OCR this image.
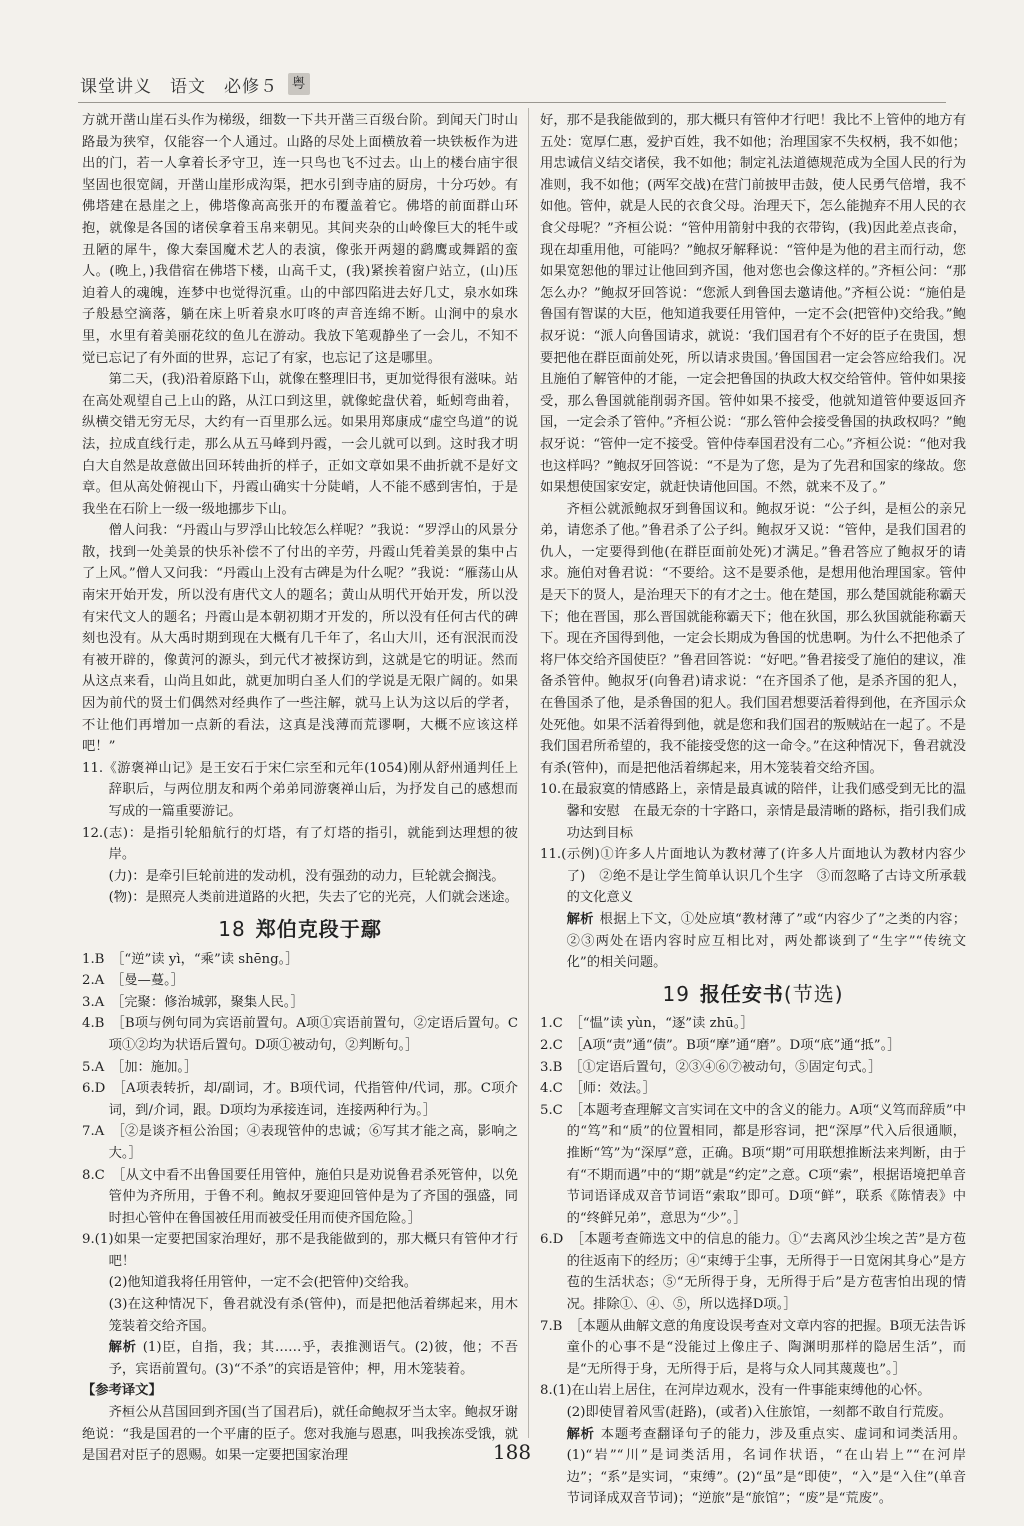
课堂讲义　语文　必修５ 粤

方就开凿山崖石头作为梯级，细数一下共开凿三百级台阶。到闻天门时山路最为狭窄，仅能容一个人通过。山路的尽处上面横放着一块铁板作为进出的门，若一人拿着长矛守卫，连一只鸟也飞不过去。山上的楼台庙宇很坚固也很宽阔，开凿山崖形成沟渠，把水引到寺庙的厨房，十分巧妙。有佛塔建在悬崖之上，佛塔像高高张开的布覆盖着它。佛塔的前面群山环抱，就像是各国的诸侯拿着玉帛来朝见。其间夹杂的山岭像巨大的牦牛或丑陋的犀牛，像大秦国魔术艺人的表演，像张开两翅的鹞鹰或舞蹈的蛮人。(晚上，)我借宿在佛塔下楼，山高千丈，(我)紧挨着窗户站立，(山)压迫着人的魂魄，连梦中也觉得沉重。山的中部四陷进去好几丈，泉水如珠子般悬空滴落，躺在床上听着泉水叮咚的声音连绵不断。山涧中的泉水里，水里有着美丽花纹的鱼儿在游动。我放下笔观静坐了一会儿，不知不觉已忘记了有外面的世界，忘记了有家，也忘记了这是哪里。

第二天，(我)沿着原路下山，就像在整理旧书，更加觉得很有滋味。站在高处观望自己上山的路，从江口到这里，就像蛇盘伏着，蚯蚓弯曲着，纵横交错无穷无尽，大约有一百里那么远。如果用郑康成“虚空鸟道”的说法，拉成直线行走，那么从五马峰到丹霞，一会儿就可以到。这时我才明白大自然是故意做出回环转曲折的样子，正如文章如果不曲折就不是好文章。但从高处俯视山下，丹霞山确实十分陡峭，人不能不感到害怕，于是我坐在石阶上一级一级地挪步下山。

僧人问我：“丹霞山与罗浮山比较怎么样呢？”我说：“罗浮山的风景分散，找到一处美景的快乐补偿不了付出的辛劳，丹霞山凭着美景的集中占了上风。”僧人又问我：“丹霞山上没有古碑是为什么呢？”我说：“雁荡山从南宋开始开发，所以没有唐代文人的题名；黄山从明代开始开发，所以没有宋代文人的题名；丹霞山是本朝初期才开发的，所以没有任何古代的碑刻也没有。从大禹时期到现在大概有几千年了，名山大川，还有泯泯而没有被开辟的，像黄河的源头，到元代才被探访到，这就是它的明证。然而从这点来看，山尚且如此，就更加明白圣人们的学说是无限广阔的。如果因为前代的贤士们偶然对经典作了一些注解，就马上认为这以后的学者，不让他们再增加一点新的看法，这真是浅薄而荒谬啊，大概不应该这样吧！”

11.《游褒禅山记》是王安石于宋仁宗至和元年(1054)刚从舒州通判任上辞职后，与两位朋友和两个弟弟同游褒禅山后，为抒发自己的感想而写成的一篇重要游记。

12.(志)：是指引轮船航行的灯塔，有了灯塔的指引，就能到达理想的彼岸。

(力)：是牵引巨轮前进的发动机，没有强劲的动力，巨轮就会搁浅。

(物)：是照亮人类前进道路的火把，失去了它的光亮，人们就会迷途。

18 郑伯克段于鄢

1.B　［“逆”读 yì，“乘”读 shēng。］

2.A　［曼—蔓。］

3.A　［完聚：修治城郭，聚集人民。］

4.B　［B项与例句同为宾语前置句。A项①宾语前置句，②定语后置句。C项①②均为状语后置句。D项①被动句，②判断句。］

5.A　［加：施加。］

6.D　［A项表转折，却/副词，才。B项代词，代指管仲/代词，那。C项介词，到/介词，跟。D项均为承接连词，连接两种行为。］

7.A　［②是谈齐桓公治国；④表现管仲的忠诚；⑥写其才能之高，影响之大。］

8.C　［从文中看不出鲁国要任用管仲，施伯只是劝说鲁君杀死管仲，以免管仲为齐所用，于鲁不利。鲍叔牙要迎回管仲是为了齐国的强盛，同时担心管仲在鲁国被任用而被受任用而使齐国危险。］

9.(1)如果一定要把国家治理好，那不是我能做到的，那大概只有管仲才行吧！

(2)他知道我将任用管仲，一定不会(把管仲)交给我。

(3)在这种情况下，鲁君就没有杀(管仲)，而是把他活着绑起来，用木笼装着交给齐国。

解析 (1)臣，自指，我；其……乎，表推测语气。(2)彼，他；不吾予，宾语前置句。(3)“不杀”的宾语是管仲；柙，用木笼装着。

【参考译文】

齐桓公从莒国回到齐国(当了国君后)，就任命鲍叔牙当太宰。鲍叔牙谢绝说：“我是国君的一个平庸的臣子。您对我施与恩惠，叫我挨冻受饿，就是国君对臣子的恩赐。如果一定要把国家治理

好，那不是我能做到的，那大概只有管仲才行吧！我比不上管仲的地方有五处：宽厚仁惠，爱护百姓，我不如他；治理国家不失权柄，我不如他；用忠诚信义结交诸侯，我不如他；制定礼法道德规范成为全国人民的行为准则，我不如他；(两军交战)在营门前披甲击鼓，使人民勇气倍增，我不如他。管仲，就是人民的衣食父母。治理天下，怎么能抛弃不用人民的衣食父母呢？”齐桓公说：“管仲用箭射中我的衣带钩，(我)因此差点丧命，现在却重用他，可能吗？”鲍叔牙解释说：“管仲是为他的君主而行动，您如果宽恕他的罪过让他回到齐国，他对您也会像这样的。”齐桓公问：“那怎么办？”鲍叔牙回答说：“您派人到鲁国去邀请他。”齐桓公说：“施伯是鲁国有智谋的大臣，他知道我要任用管仲，一定不会(把管仲)交给我。”鲍叔牙说：“派人向鲁国请求，就说：‘我们国君有个不好的臣子在贵国，想要把他在群臣面前处死，所以请求贵国。’鲁国国君一定会答应给我们。况且施伯了解管仲的才能，一定会把鲁国的执政大权交给管仲。管仲如果接受，那么鲁国就能削弱齐国。管仲如果不接受，他就知道管仲要返回齐国，一定会杀了管仲。”齐桓公说：“那么管仲会接受鲁国的执政权吗？”鲍叔牙说：“管仲一定不接受。管仲侍奉国君没有二心。”齐桓公说：“他对我也这样吗？”鲍叔牙回答说：“不是为了您，是为了先君和国家的缘故。您如果想使国家安定，就赶快请他回国。不然，就来不及了。”

齐桓公就派鲍叔牙到鲁国议和。鲍叔牙说：“公子纠，是桓公的亲兄弟，请您杀了他。”鲁君杀了公子纠。鲍叔牙又说：“管仲，是我们国君的仇人，一定要得到他(在群臣面前处死)才满足。”鲁君答应了鲍叔牙的请求。施伯对鲁君说：“不要给。这不是要杀他，是想用他治理国家。管仲是天下的贤人，是治理天下的有才之士。他在楚国，那么楚国就能称霸天下；他在晋国，那么晋国就能称霸天下；他在狄国，那么狄国就能称霸天下。现在齐国得到他，一定会长期成为鲁国的忧患啊。为什么不把他杀了将尸体交给齐国使臣？”鲁君回答说：“好吧。”鲁君接受了施伯的建议，准备杀管仲。鲍叔牙(向鲁君)请求说：“在齐国杀了他，是杀齐国的犯人，在鲁国杀了他，是杀鲁国的犯人。我们国君想要活着得到他，在齐国示众处死他。如果不活着得到他，就是您和我们国君的叛贼站在一起了。不是我们国君所希望的，我不能接受您的这一命令。”在这种情况下，鲁君就没有杀(管仲)，而是把他活着绑起来，用木笼装着交给齐国。

10.在最寂寞的情感路上，亲情是最真诚的陪伴，让我们感受到无比的温馨和安慰　在最无奈的十字路口，亲情是最清晰的路标，指引我们成功达到目标

11.(示例)①许多人片面地认为教材薄了(许多人片面地认为教材内容少了)　②绝不是让学生简单认识几个生字　③而忽略了古诗文所承载的文化意义

解析 根据上下文，①处应填“教材薄了”或“内容少了”之类的内容；②③两处在语内容时应互相比对，两处都谈到了“生字”“传统文化”的相关问题。

19 报任安书(节选)

1.C　［“愠”读 yùn，“逐”读 zhū。］

2.C　［A项“责”通“债”。B项“摩”通“磨”。D项“底”通“抵”。］

3.B　［①定语后置句，②③④⑥⑦被动句，⑤固定句式。］

4.C　［师：效法。］

5.C　［本题考查理解文言实词在文中的含义的能力。A项“义笃而辞质”中的“笃”和“质”的位置相同，都是形容词，把“深厚”代入后很通顺，推断“笃”为“深厚”意，正确。B项“期”可用联想推断法来判断，由于有“不期而遇”中的“期”就是“约定”之意。C项“索”，根据语境把单音节词语译成双音节词语“索取”即可。D项“鲜”，联系《陈情表》中的“终鲜兄弟”，意思为“少”。］

6.D　［本题考查筛选文中的信息的能力。①“去离风沙尘埃之苦”是方苞的往返南下的经历；④“束缚于尘事，无所得于一日宽闲其身心”是方苞的生活状态；⑤“无所得于身，无所得于后”是方苞害怕出现的情况。排除①、④、⑤，所以选择D项。］

7.B　［本题从曲解文意的角度设误考查对文章内容的把握。B项无法告诉童仆的心事不是“没能过上像庄子、陶渊明那样的隐居生活”，而是“无所得于身，无所得于后，是将与众人同其蔑蔑也”。］

8.(1)在山岩上居住，在河岸边观水，没有一件事能束缚他的心怀。

(2)即使冒着风雪(赶路)，(或者)入住旅馆，一刻都不敢自行荒废。

解析 本题考查翻译句子的能力，涉及重点实、虚词和词类活用。(1)“岩”“川”是词类活用，名词作状语，“在山岩上”“在河岸边”；“系”是实词，“束缚”。(2)“虽”是“即使”，“入”是“入住”(单音节词译成双音节词)；“逆旅”是“旅馆”；“废”是“荒废”。

188
